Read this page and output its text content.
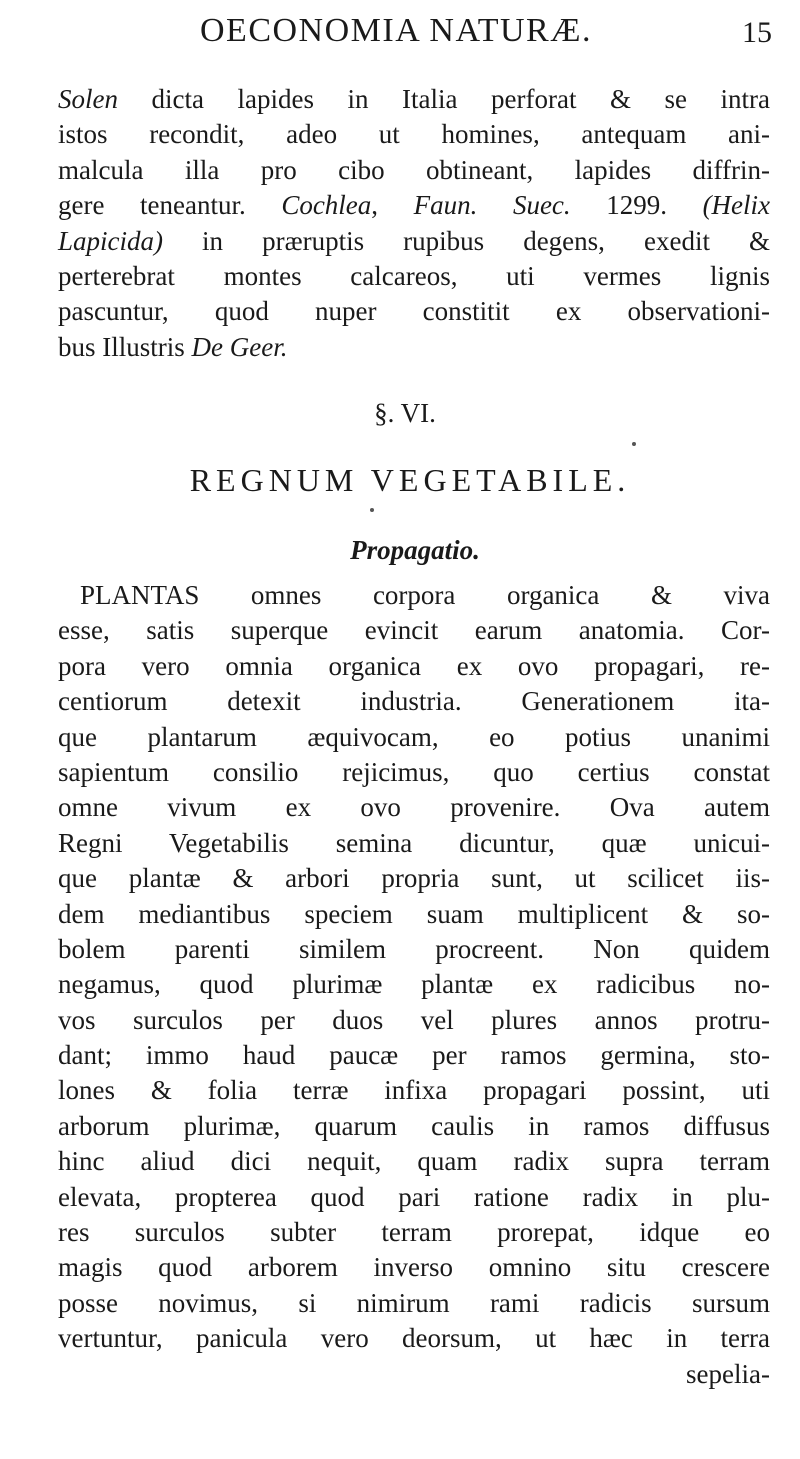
OECONOMIA NATURÆ.	15
Solen dicta lapides in Italia perforat & se intra
istos recondit, adeo ut homines, antequam ani-
malcula illa pro cibo obtineant, lapides diffrin-
gere teneantur. Cochlea, Faun. Suec. 1299. (Helix
Lapicida) in præruptis rupibus degens, exedit &
perterebrat montes calcareos, uti vermes lignis
pascuntur, quod nuper constitit ex observationi-
bus Illustris De Geer.
§. VI.
REGNUM VEGETABILE.
Propagatio.
PLANTAS omnes corpora organica & viva
esse, satis superque evincit earum anatomia. Cor-
pora vero omnia organica ex ovo propagari, re-
centiorum detexit industria. Generationem ita-
que plantarum æquivocam, eo potius unanimi
sapientum consilio rejicimus, quo certius constat
omne vivum ex ovo provenire. Ova autem
Regni Vegetabilis semina dicuntur, quæ unicui-
que plantæ & arbori propria sunt, ut scilicet iis-
dem mediantibus speciem suam multiplicent & so-
bolem parenti similem procreent. Non quidem
negamus, quod plurimæ plantæ ex radicibus no-
vos surculos per duos vel plures annos protru-
dant; immo haud paucæ per ramos germina, sto-
lones & folia terræ infixa propagari possint, uti
arborum plurimæ, quarum caulis in ramos diffusus
hinc aliud dici nequit, quam radix supra terram
elevata, propterea quod pari ratione radix in plu-
res surculos subter terram prorepat, idque eo
magis quod arborem inverso omnino situ crescere
posse novimus, si nimirum rami radicis sursum
vertuntur, panicula vero deorsum, ut hæc in terra
sepelia-
